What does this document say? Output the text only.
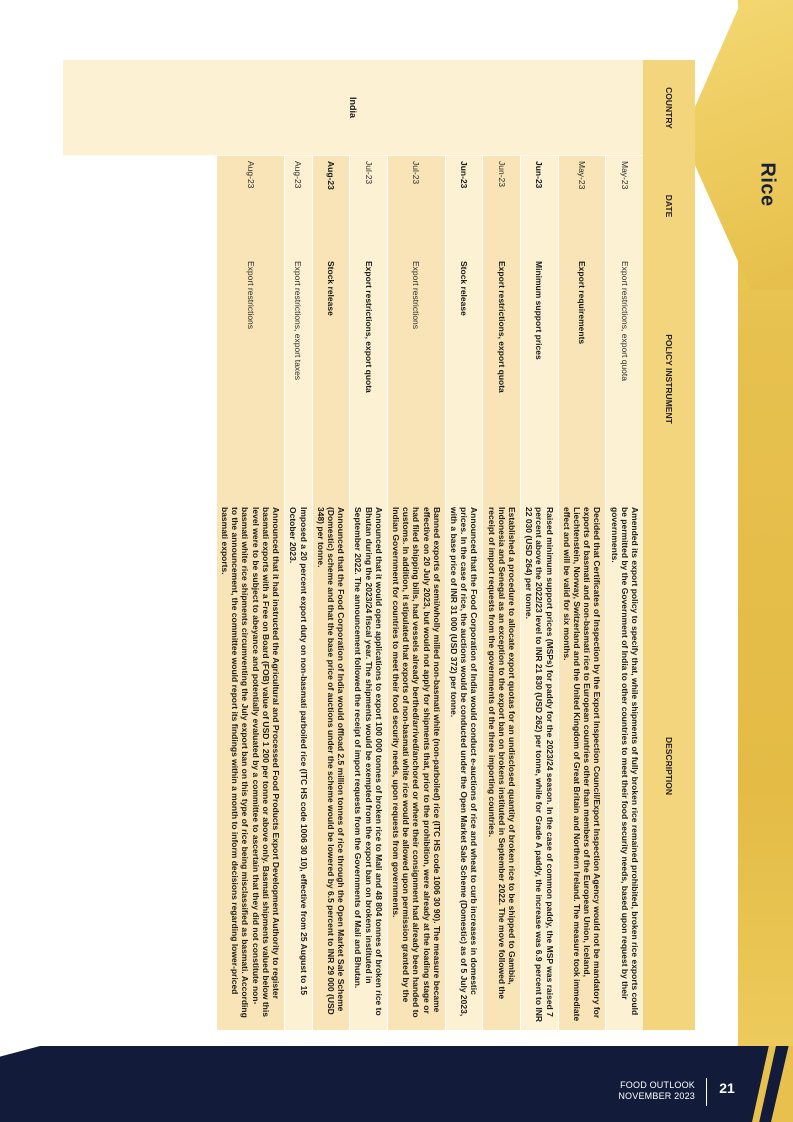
Rice
COUNTRY
DATE
POLICY INSTRUMENT
DESCRIPTION
India
May-23
Export restrictions, export quota
Amended its export policy to specify that, while shipments of fully broken rice remained prohibited, broken rice exports could be permitted by the Government of India to other countries to meet their food security needs, based upon request by their governments.
May-23
Export requirements
Decided that Certificates of Inspection by the Export Inspection Council/Export Inspection Agency would not be mandatory for exports of basmati and non-basmati rice to European countries other than members of the European Union, Iceland, Liechtenstein, Norway, Switzerland and the United Kingdom of Great Britain and Northern Ireland. The measure took immediate effect and will be valid for six months.
Jun-23
Minimum support prices
Raised minimum support prices (MSPs) for paddy for the 2023/24 season. In the case of common paddy, the MSP was raised 7 percent above the 2022/23 level to INR 21 830 (USD 262) per tonne, while for Grade A paddy, the increase was 6.9 percent to INR 22 030 (USD 264) per tonne.
Jun-23
Export restrictions, export quota
Established a procedure to allocate export quotas for an undisclosed quantity of broken rice to be shipped to Gambia, Indonesia and Senegal as an exception to the export ban on brokens instituted in September 2022. The move followed the receipt of import requests from the governments of the three importing countries.
Jun-23
Stock release
Announced that the Food Corporation of India would conduct e-auctions of rice and wheat to curb increases in domestic prices. In the case of rice, the auctions would be conducted under the Open Market Sale Scheme (Domestic) as of 5 July 2023, with a base price of INR 31 000 (USD 372) per tonne.
Jul-23
Export restrictions
Banned exports of semi/wholly milled non-basmati white (non-parboiled) rice (ITC HS code 1006 30 90). The measure became effective on 20 July 2023, but would not apply for shipments that, prior to the prohibition, were already at the loading stage or had filed shipping bills, had vessels already berthed/arrived/anchored or where their consignment had already been handed to customs. In addition, it stipulated that exports of non-basmati white rice would be allowed upon permission granted by the Indian Government for countries to meet their food security needs, upon requests from governments.
Jul-23
Export restrictions, export quota
Announced that it would open applications to export 100 000 tonnes of broken rice to Mali and 48 804 tonnes of broken rice to Bhutan during the 2023/24 fiscal year. The shipments would be exempted from the export ban on brokens instituted in September 2022. The announcement followed the receipt of import requests from the Governments of Mali and Bhutan.
Aug-23
Stock release
Announced that the Food Corporation of India would offload 2.5 million tonnes of rice through the Open Market Sale Scheme (Domestic) scheme and that the base price of auctions under the scheme would be lowered by 6.5 percent to INR 29 000 (USD 348) per tonne.
Aug-23
Export restrictions, export taxes
Imposed a 20 percent export duty on non-basmati parboiled rice (ITC HS code 1006 30 10), effective from 25 August to 15 October 2023.
Aug-23
Export restrictions
Announced that it had instructed the Agricultural and Processed Food Products Export Development Authority to register basmati exports with a Free on Board (FOB) value of USD 1 200 per tonne or above only. Basmati shipments valued below this level were to be subject to abeyance and potentially evaluated by a committee to ascertain that they did not constitute non-basmati white rice shipments circumventing the July export ban on this type of rice being misclassified as basmati. According to the announcement, the committee would report its findings within a month to inform decisions regarding lower-priced basmati exports.
FOOD OUTLOOK
NOVEMBER 2023	21
